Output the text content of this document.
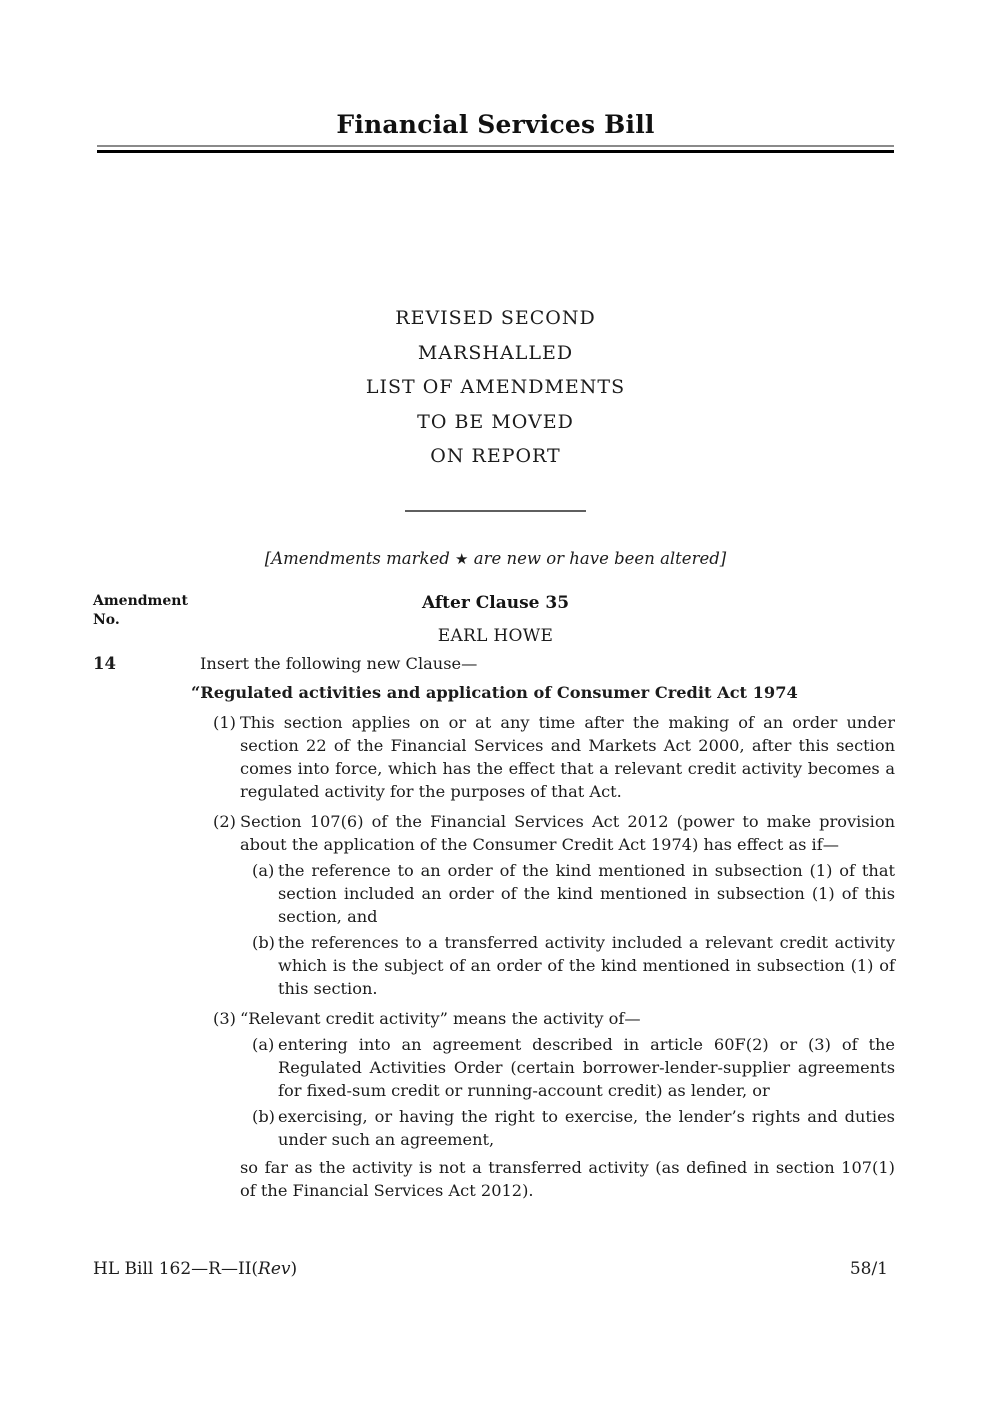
Financial Services Bill
REVISED SECOND
MARSHALLED
LIST OF AMENDMENTS
TO BE MOVED
ON REPORT

[Amendments marked ★ are new or have been altered]

Amendment
No.
After Clause 35
EARL HOWE
14	Insert the following new Clause—

“Regulated activities and application of Consumer Credit Act 1974
(1) This section applies on or at any time after the making of an order under section 22 of the Financial Services and Markets Act 2000, after this section comes into force, which has the effect that a relevant credit activity becomes a regulated activity for the purposes of that Act.

(2) Section 107(6) of the Financial Services Act 2012 (power to make provision about the application of the Consumer Credit Act 1974) has effect as if—

(a) the reference to an order of the kind mentioned in subsection (1) of that section included an order of the kind mentioned in subsection (1) of this section, and

(b) the references to a transferred activity included a relevant credit activity which is the subject of an order of the kind mentioned in subsection (1) of this section.

(3) “Relevant credit activity” means the activity of—

(a) entering into an agreement described in article 60F(2) or (3) of the Regulated Activities Order (certain borrower-lender-supplier agreements for fixed-sum credit or running-account credit) as lender, or

(b) exercising, or having the right to exercise, the lender’s rights and duties under such an agreement,

so far as the activity is not a transferred activity (as defined in section 107(1) of the Financial Services Act 2012).

HL Bill 162—R—II(Rev)	58/1
